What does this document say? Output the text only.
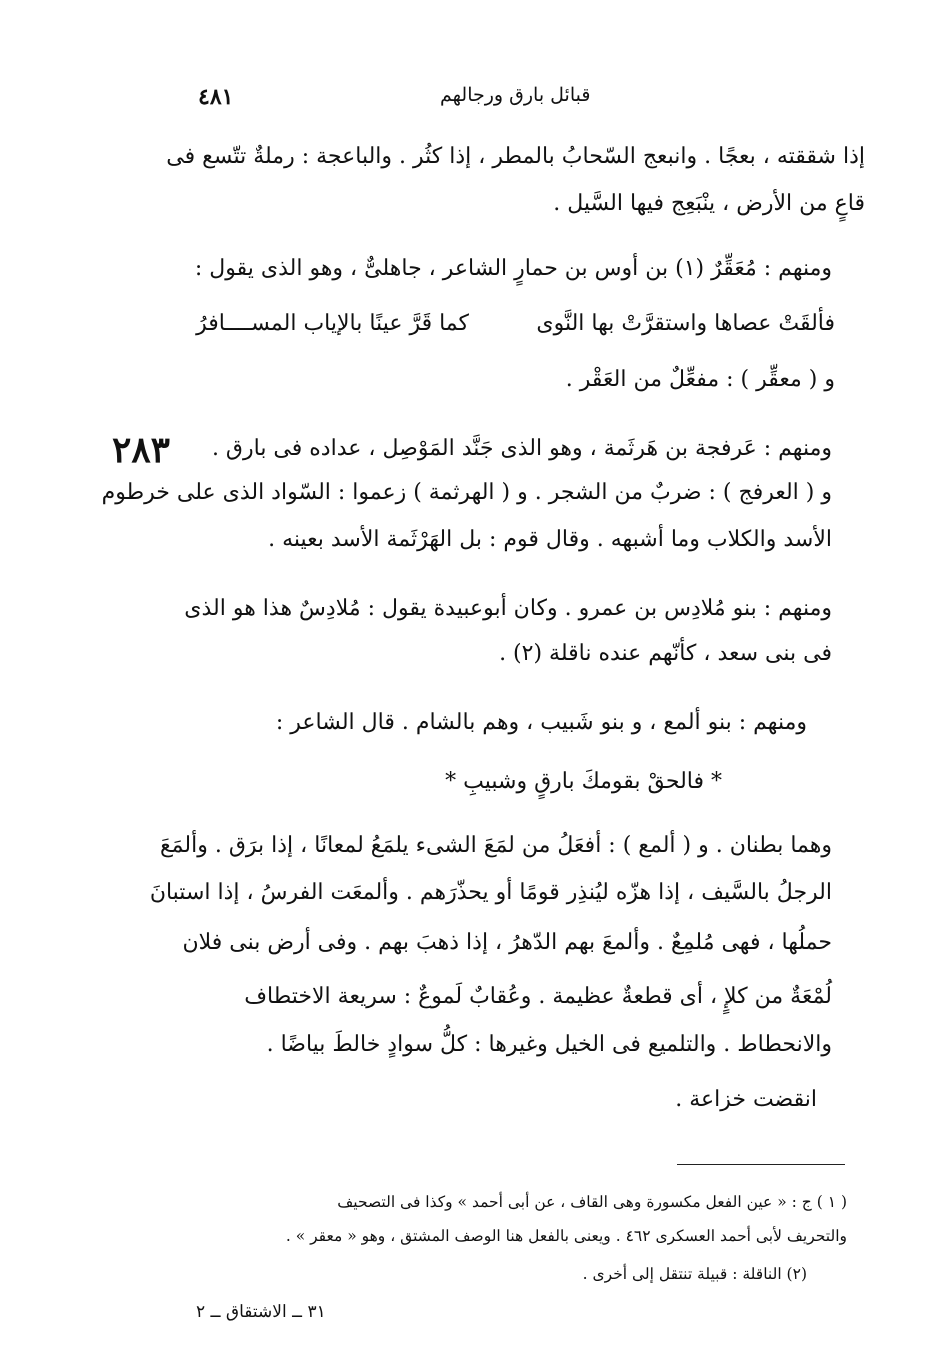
٤٨١	قبائل بارق ورجالهم
٢٨٣
إذا شققته ، بعجًا . وانبعج السّحابُ بالمطر ، إذا كثُر . والباعجة : رملةٌ تتّسع فى
قاعٍ من الأرض ، ينْبَعِج فيها السَّيل .
ومنهم : مُعَقِّرٌ (١) بن أوس بن حمارٍ الشاعر ، جاهلىٌّ ، وهو الذى يقول :
فألقَتْ عصاها واستقرَّتْ بها النَّوى
كما قَرَّ عينًا بالإياب المســــافرُ
و ( معقِّر ) : مفعِّلٌ من العَقْر .
ومنهم : عَرفجة بن هَرثَمة ، وهو الذى جَنَّد المَوْصِل ، عداده فى بارق .
و ( العرفج ) : ضربٌ من الشجر . و ( الهرثمة ) زعموا : السّواد الذى على خرطوم
الأسد والكلاب وما أشبهه . وقال قوم : بل الهَرْثَمة الأسد بعينه .
ومنهم : بنو مُلادِس بن عمرو . وكان أبوعبيدة يقول : مُلادِسٌ هذا هو الذى
فى بنى سعد ، كأنّهم عنده ناقلة (٢) .
ومنهم : بنو ألمع ، و بنو شَبيب ، وهم بالشام . قال الشاعر :
* فالحقْ بقومكَ بارقٍ وشبيبِ *
وهما بطنان . و ( ألمع ) : أفعَلُ من لمَعَ الشىء يلمَعُ لمعانًا ، إذا برَق . وألمَعَ
الرجلُ بالسَّيف ، إذا هزّه ليُنذِر قومًا أو يحذّرَهم . وألمعَت الفرسُ ، إذا استبانَ
حملُها ، فهى مُلمِعٌ . وألمعَ بهم الدّهرُ ، إذا ذهبَ بهم . وفى أرض بنى فلان
لُمْعَةٌ من كلإٍ ، أى قطعةٌ عظيمة . وعُقابٌ لَموعٌ : سريعة الاختطاف
والانحطاط . والتلميع فى الخيل وغيرها : كلُّ سوادٍ خالطَ بياضًا .
انقضت خزاعة .
( ١ ) ج : « عين الفعل مكسورة وهى القاف ، عن أبى أحمد » وكذا فى التصحيف
والتحريف لأبى أحمد العسكرى ٤٦٢ . ويعنى بالفعل هنا الوصف المشتق ، وهو « معقر » .
(٢) الناقلة : قبيلة تنتقل إلى أخرى .
٣١ ــ الاشتقاق ــ ٢
